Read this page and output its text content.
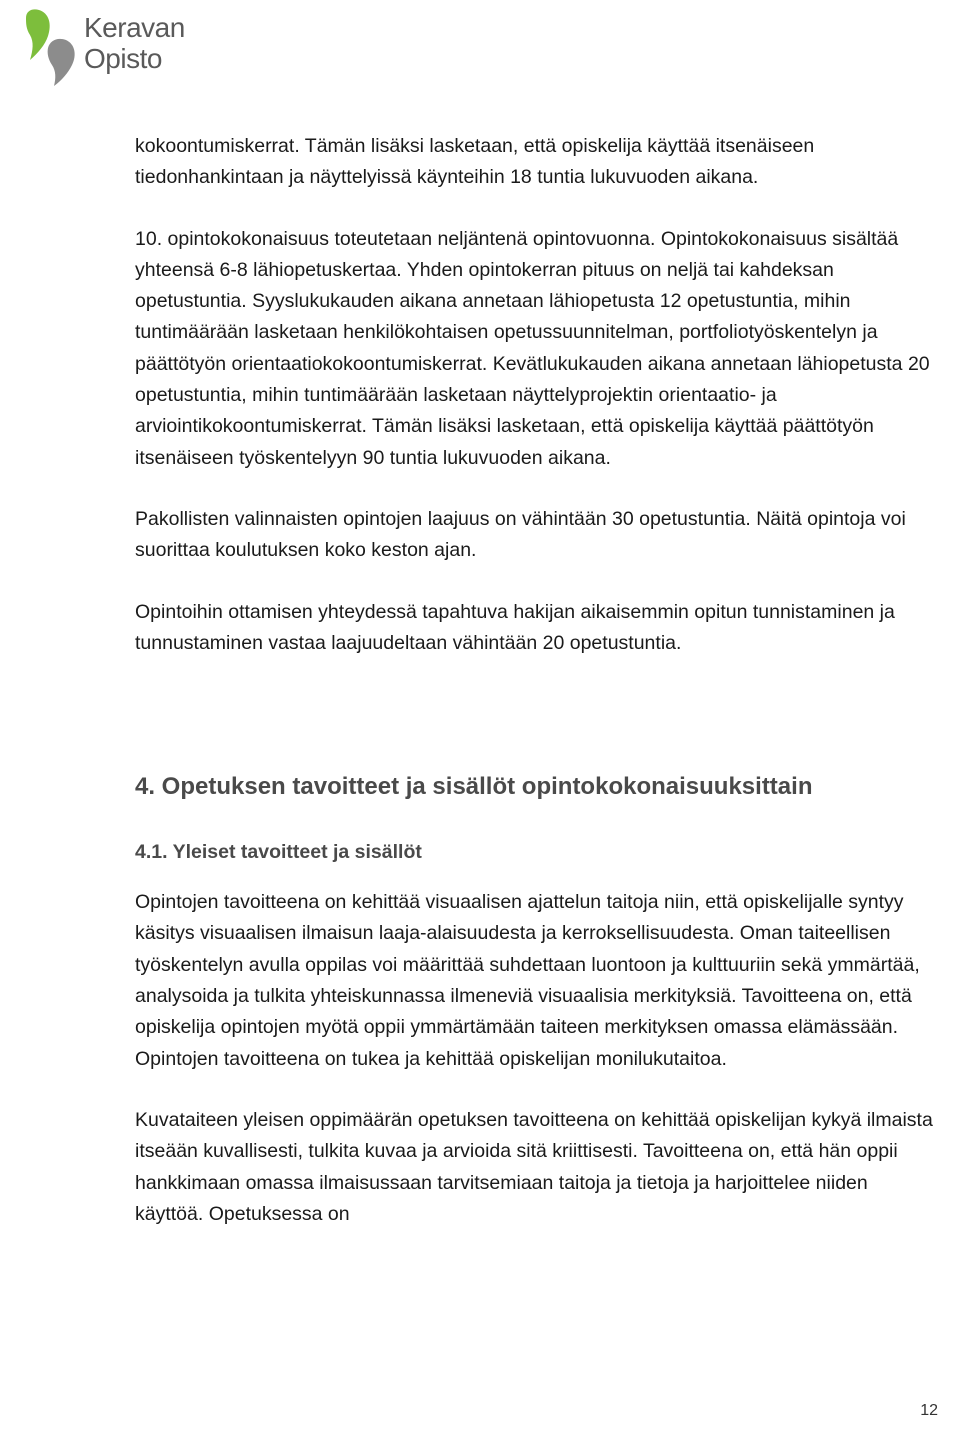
Keravan
Opisto

kokoontumiskerrat. Tämän lisäksi lasketaan, että opiskelija käyttää itsenäiseen tiedonhankintaan ja näyttelyissä käynteihin 18 tuntia lukuvuoden aikana.

10. opintokokonaisuus toteutetaan neljäntenä opintovuonna. Opintokokonaisuus sisältää yhteensä 6-8 lähiopetuskertaa. Yhden opintokerran pituus on neljä tai kahdeksan opetustuntia. Syyslukukauden aikana annetaan lähiopetusta 12 opetustuntia, mihin tuntimäärään lasketaan henkilökohtaisen opetussuunnitelman, portfoliotyöskentelyn ja päättötyön orientaatiokokoontumiskerrat. Kevätlukukauden aikana annetaan lähiopetusta 20 opetustuntia, mihin tuntimäärään lasketaan näyttelyprojektin orientaatio- ja arviointikokoontumiskerrat. Tämän lisäksi lasketaan, että opiskelija käyttää päättötyön itsenäiseen työskentelyyn 90 tuntia lukuvuoden aikana.

Pakollisten valinnaisten opintojen laajuus on vähintään 30 opetustuntia. Näitä opintoja voi suorittaa koulutuksen koko keston ajan.

Opintoihin ottamisen yhteydessä tapahtuva hakijan aikaisemmin opitun tunnistaminen ja tunnustaminen vastaa laajuudeltaan vähintään 20 opetustuntia.

4. Opetuksen tavoitteet ja sisällöt opintokokonaisuuksittain
4.1. Yleiset tavoitteet ja sisällöt

Opintojen tavoitteena on kehittää visuaalisen ajattelun taitoja niin, että opiskelijalle syntyy käsitys visuaalisen ilmaisun laaja-alaisuudesta ja kerroksellisuudesta. Oman taiteellisen työskentelyn avulla oppilas voi määrittää suhdettaan luontoon ja kulttuuriin sekä ymmärtää, analysoida ja tulkita yhteiskunnassa ilmeneviä visuaalisia merkityksiä. Tavoitteena on, että opiskelija opintojen myötä oppii ymmärtämään taiteen merkityksen omassa elämässään. Opintojen tavoitteena on tukea ja kehittää opiskelijan monilukutaitoa.

Kuvataiteen yleisen oppimäärän opetuksen tavoitteena on kehittää opiskelijan kykyä ilmaista itseään kuvallisesti, tulkita kuvaa ja arvioida sitä kriittisesti. Tavoitteena on, että hän oppii hankkimaan omassa ilmaisussaan tarvitsemiaan taitoja ja tietoja ja harjoittelee niiden käyttöä. Opetuksessa on

12
